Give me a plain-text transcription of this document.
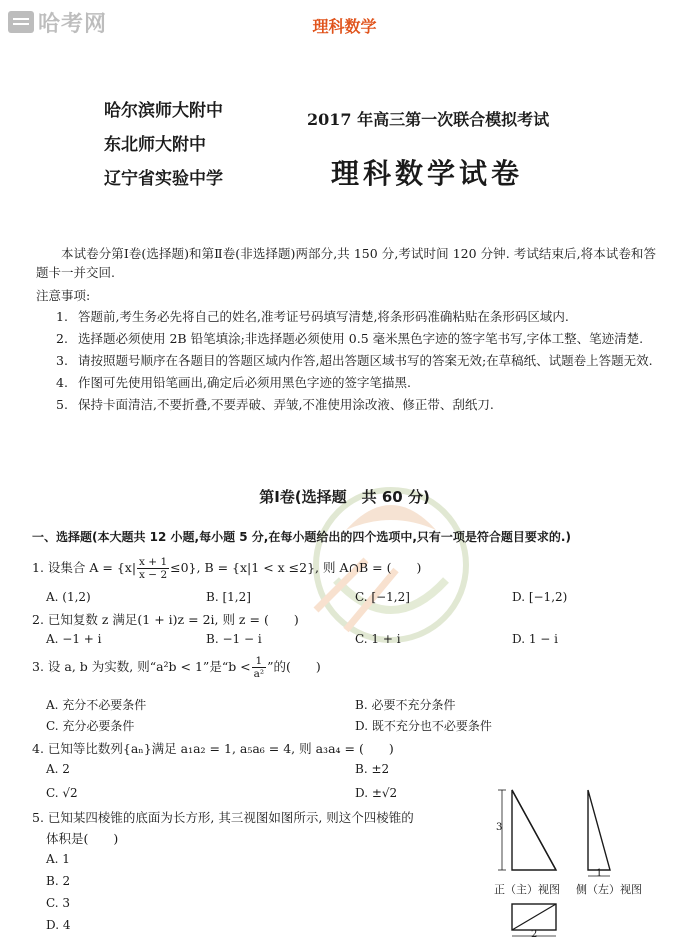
哈考网	理科数学
哈尔滨师大附中
东北师大附中
辽宁省实验中学
2017 年高三第一次联合模拟考试
理科数学试卷
本试卷分第Ⅰ卷(选择题)和第Ⅱ卷(非选择题)两部分,共 150 分,考试时间 120 分钟. 考试结束后,将本试卷和答题卡一并交回.
注意事项:
1. 答题前,考生务必先将自己的姓名,准考证号码填写清楚,将条形码准确粘贴在条形码区域内.
2. 选择题必须使用 2B 铅笔填涂;非选择题必须使用 0.5 毫米黑色字迹的签字笔书写,字体工整、笔迹清楚.
3. 请按照题号顺序在各题目的答题区域内作答,超出答题区域书写的答案无效;在草稿纸、试题卷上答题无效.
4. 作图可先使用铅笔画出,确定后必须用黑色字迹的签字笔描黑.
5. 保持卡面清洁,不要折叠,不要弄破、弄皱,不准使用涂改液、修正带、刮纸刀.
第Ⅰ卷(选择题　共 60 分)
一、选择题(本大题共 12 小题,每小题 5 分,在每小题给出的四个选项中,只有一项是符合题目要求的.)
1. 设集合 $A = \{x| \frac{x + 1}{x - 2} \le 0\}$, B = {x|1 < x ≤2}, 则 A∩B = (　　)
A. (1,2)	B. [1,2]	C. [−1,2]	D. [−1,2)
2. 已知复数 z 满足(1 + i)z = 2i, 则 z = (　　)
A. −1 + i	B. −1 − i	C. 1 + i	D. 1 − i
3. 设 a, b 为实数, 则“a²b < 1”是“$b < \frac{1}{\text{a²}}$ ”的(　　)
A. 充分不必要条件	B. 必要不充分条件
C. 充分必要条件	D. 既不充分也不必要条件
4. 已知等比数列{aₙ}满足 a₁a₂ = 1, a₅a₆ = 4, 则 a₃a₄ = (　　)
A. 2	B. ±2
C. √2	D. ±√2
5. 已知某四棱锥的底面为长方形, 其三视图如图所示, 则这个四棱锥的
体积是(　　)
A. 1
B. 2
C. 3
D. 4
3
1
2
正（主）视图 侧（左）视图
